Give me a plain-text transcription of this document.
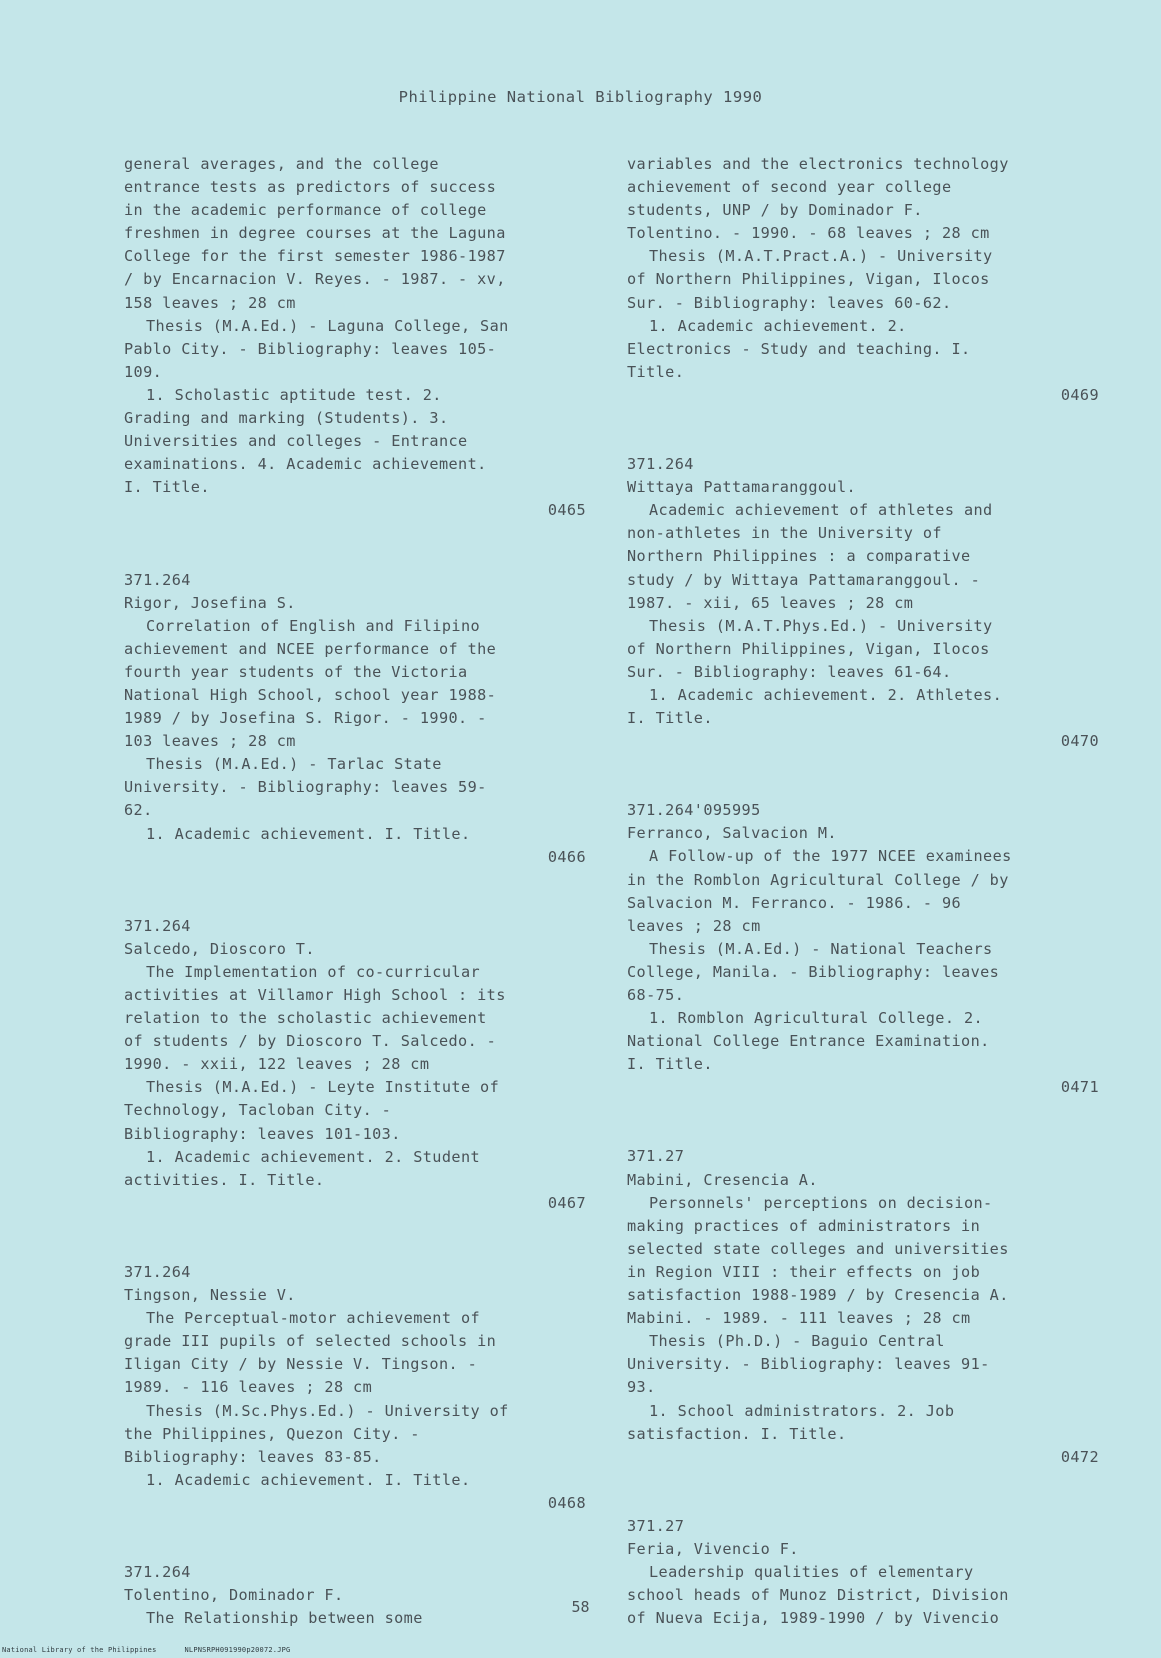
Philippine National Bibliography 1990

general averages, and the college
entrance tests as predictors of success
in the academic performance of college
freshmen in degree courses at the Laguna
College for the first semester 1986-1987
/ by Encarnacion V. Reyes. - 1987. - xv,
158 leaves ; 28 cm

Thesis (M.A.Ed.) - Laguna College, San
Pablo City. - Bibliography: leaves 105-
109.

1. Scholastic aptitude test. 2.
Grading and marking (Students). 3.
Universities and colleges - Entrance
examinations. 4. Academic achievement.
I. Title.

0465

371.264

Rigor, Josefina S.

Correlation of English and Filipino
achievement and NCEE performance of the
fourth year students of the Victoria
National High School, school year 1988-
1989 / by Josefina S. Rigor. - 1990. -
103 leaves ; 28 cm

Thesis (M.A.Ed.) - Tarlac State
University. - Bibliography: leaves 59-
62.

1. Academic achievement. I. Title.

0466

371.264

Salcedo, Dioscoro T.

The Implementation of co-curricular
activities at Villamor High School : its
relation to the scholastic achievement
of students / by Dioscoro T. Salcedo. -
1990. - xxii, 122 leaves ; 28 cm

Thesis (M.A.Ed.) - Leyte Institute of
Technology, Tacloban City. -
Bibliography: leaves 101-103.

1. Academic achievement. 2. Student
activities. I. Title.

0467

371.264

Tingson, Nessie V.

The Perceptual-motor achievement of
grade III pupils of selected schools in
Iligan City / by Nessie V. Tingson. -
1989. - 116 leaves ; 28 cm

Thesis (M.Sc.Phys.Ed.) - University of
the Philippines, Quezon City. -
Bibliography: leaves 83-85.

1. Academic achievement. I. Title.

0468

371.264

Tolentino, Dominador F.

The Relationship between some

variables and the electronics technology
achievement of second year college
students, UNP / by Dominador F.
Tolentino. - 1990. - 68 leaves ; 28 cm

Thesis (M.A.T.Pract.A.) - University
of Northern Philippines, Vigan, Ilocos
Sur. - Bibliography: leaves 60-62.

1. Academic achievement. 2.
Electronics - Study and teaching. I.
Title.

0469

371.264

Wittaya Pattamaranggoul.

Academic achievement of athletes and
non-athletes in the University of
Northern Philippines : a comparative
study / by Wittaya Pattamaranggoul. -
1987. - xii, 65 leaves ; 28 cm

Thesis (M.A.T.Phys.Ed.) - University
of Northern Philippines, Vigan, Ilocos
Sur. - Bibliography: leaves 61-64.

1. Academic achievement. 2. Athletes.
I. Title.

0470

371.264'095995

Ferranco, Salvacion M.

A Follow-up of the 1977 NCEE examinees
in the Romblon Agricultural College / by
Salvacion M. Ferranco. - 1986. - 96
leaves ; 28 cm

Thesis (M.A.Ed.) - National Teachers
College, Manila. - Bibliography: leaves
68-75.

1. Romblon Agricultural College. 2.
National College Entrance Examination.
I. Title.

0471

371.27

Mabini, Cresencia A.

Personnels' perceptions on decision-
making practices of administrators in
selected state colleges and universities
in Region VIII : their effects on job
satisfaction 1988-1989 / by Cresencia A.
Mabini. - 1989. - 111 leaves ; 28 cm

Thesis (Ph.D.) - Baguio Central
University. - Bibliography: leaves 91-
93.

1. School administrators. 2. Job
satisfaction. I. Title.

0472

371.27

Feria, Vivencio F.

Leadership qualities of elementary
school heads of Munoz District, Division
of Nueva Ecija, 1989-1990 / by Vivencio

58
National Library of the Philippines	NLPNSRPH091990p20072.JPG
